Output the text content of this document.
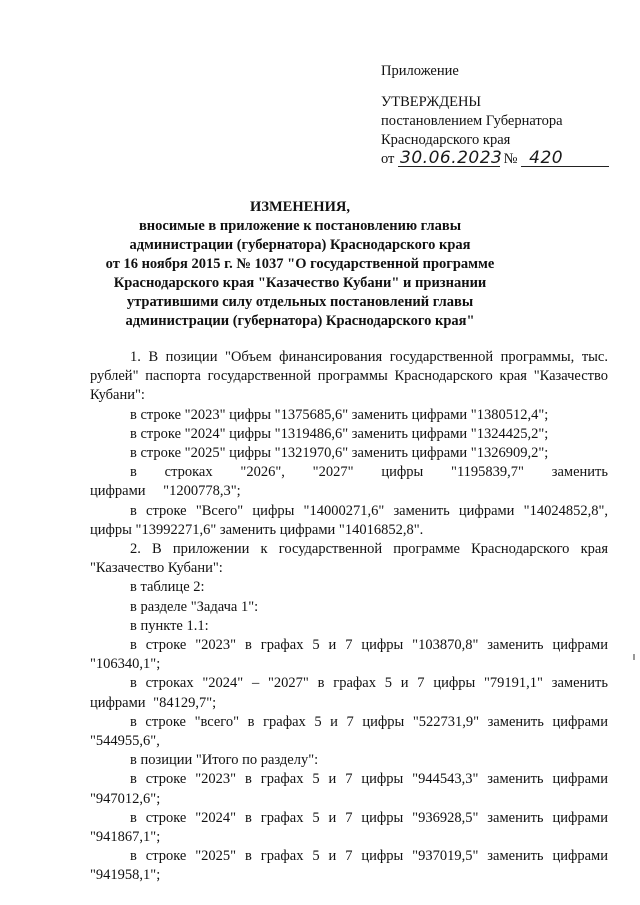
Приложение
УТВЕРЖДЕНЫ
постановлением Губернатора
Краснодарского края
от 30.06.2023 № 420
ИЗМЕНЕНИЯ,
вносимые в приложение к постановлению главы
администрации (губернатора) Краснодарского края
от 16 ноября 2015 г. № 1037 "О государственной программе
Краснодарского края "Казачество Кубани" и признании
утратившими силу отдельных постановлений главы
администрации (губернатора) Краснодарского края"
1. В позиции "Объем финансирования государственной программы, тыс. рублей" паспорта государственной программы Краснодарского края "Казачество Кубани":
в строке "2023" цифры "1375685,6" заменить цифрами "1380512,4";
в строке "2024" цифры "1319486,6" заменить цифрами "1324425,2";
в строке "2025" цифры "1321970,6" заменить цифрами "1326909,2";
в строках "2026", "2027" цифры "1195839,7" заменить цифрами "1200778,3";
в строке "Всего" цифры "14000271,6" заменить цифрами "14024852,8", цифры "13992271,6" заменить цифрами "14016852,8".
2. В приложении к государственной программе Краснодарского края "Казачество Кубани":
в таблице 2:
в разделе "Задача 1":
в пункте 1.1:
в строке "2023" в графах 5 и 7 цифры "103870,8" заменить цифрами "106340,1";
в строках "2024" – "2027" в графах 5 и 7 цифры "79191,1" заменить цифрами "84129,7";
в строке "всего" в графах 5 и 7 цифры "522731,9" заменить цифрами "544955,6",
в позиции "Итого по разделу":
в строке "2023" в графах 5 и 7 цифры "944543,3" заменить цифрами "947012,6";
в строке "2024" в графах 5 и 7 цифры "936928,5" заменить цифрами "941867,1";
в строке "2025" в графах 5 и 7 цифры "937019,5" заменить цифрами "941958,1";
